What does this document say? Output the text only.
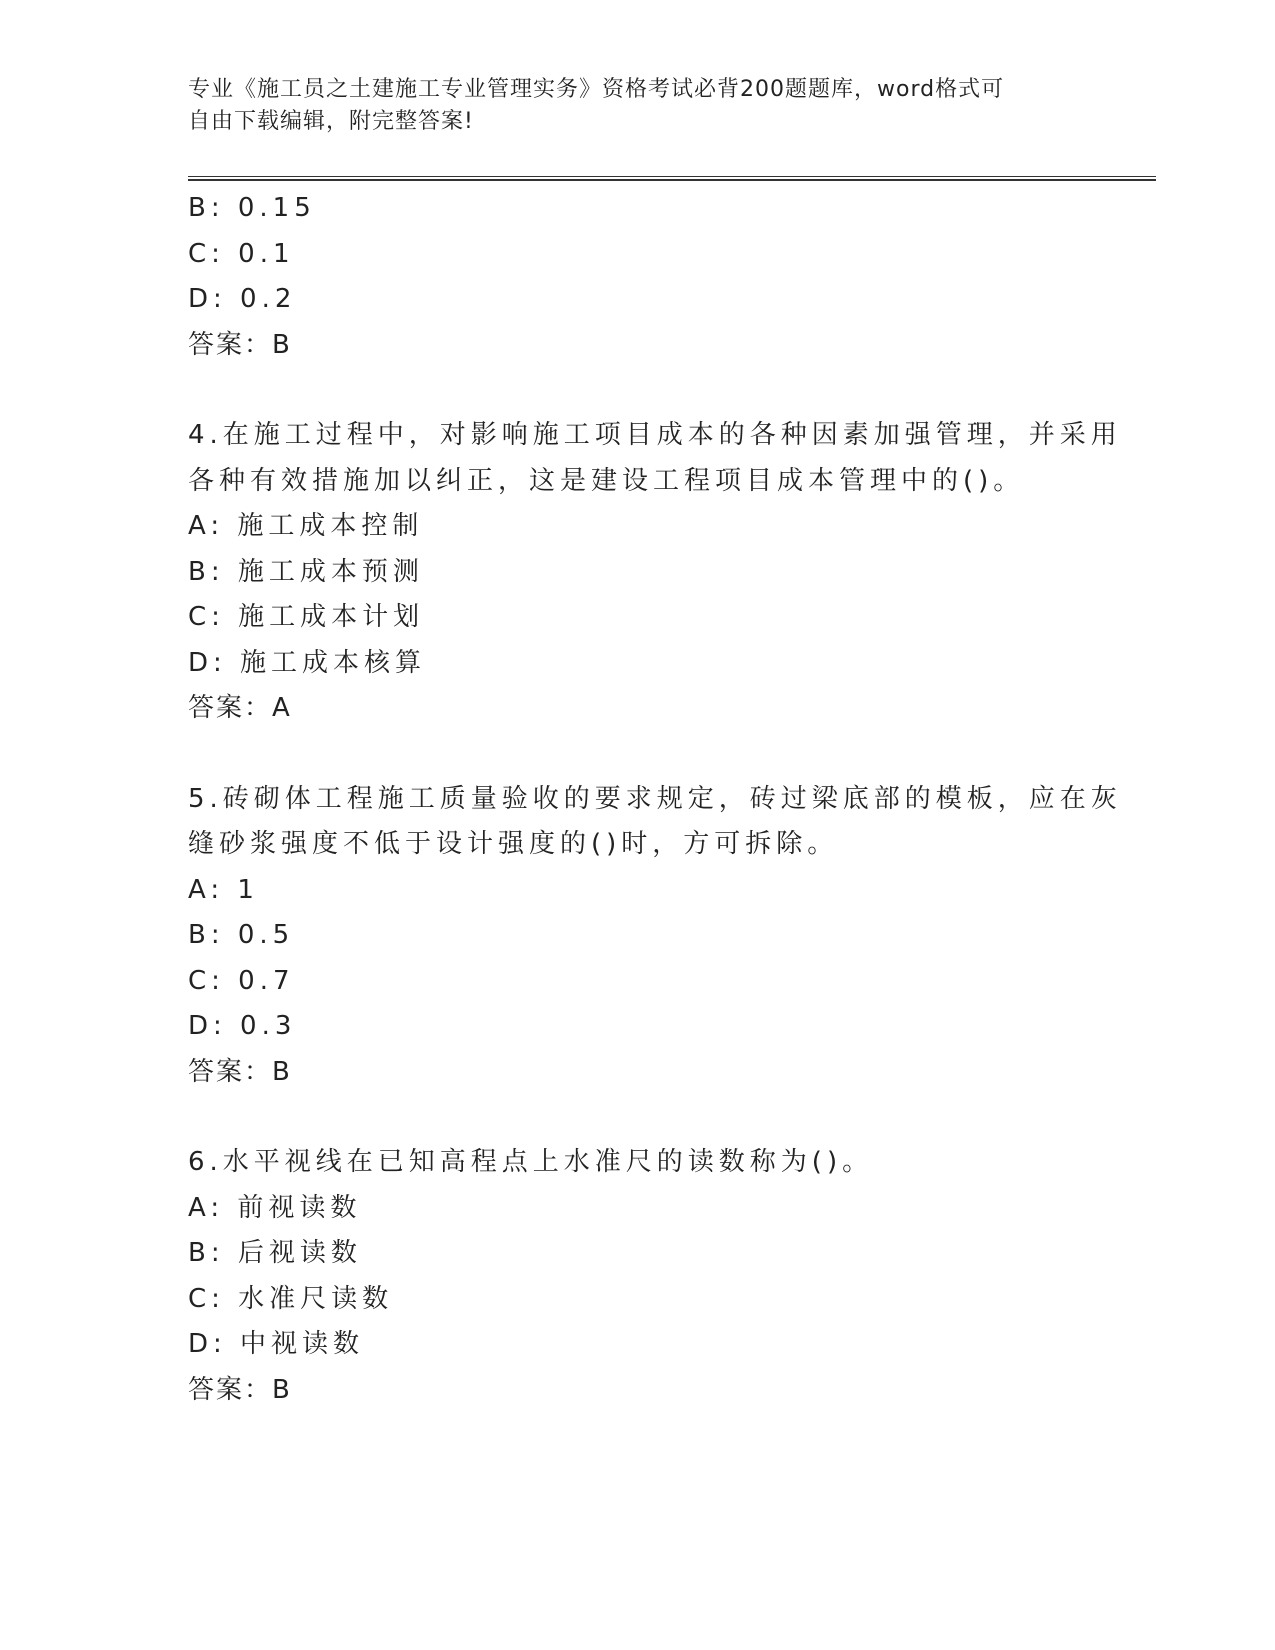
专业《施工员之土建施工专业管理实务》资格考试必背200题题库，word格式可
自由下载编辑，附完整答案!
B: 0.15
C: 0.1
D: 0.2
答案：B
4.在施工过程中，对影响施工项目成本的各种因素加强管理，并采用
各种有效措施加以纠正，这是建设工程项目成本管理中的()。
A: 施工成本控制
B: 施工成本预测
C: 施工成本计划
D: 施工成本核算
答案：A
5.砖砌体工程施工质量验收的要求规定，砖过梁底部的模板，应在灰
缝砂浆强度不低于设计强度的()时，方可拆除。
A: 1
B: 0.5
C: 0.7
D: 0.3
答案：B
6.水平视线在已知高程点上水准尺的读数称为()。
A: 前视读数
B: 后视读数
C: 水准尺读数
D: 中视读数
答案：B
